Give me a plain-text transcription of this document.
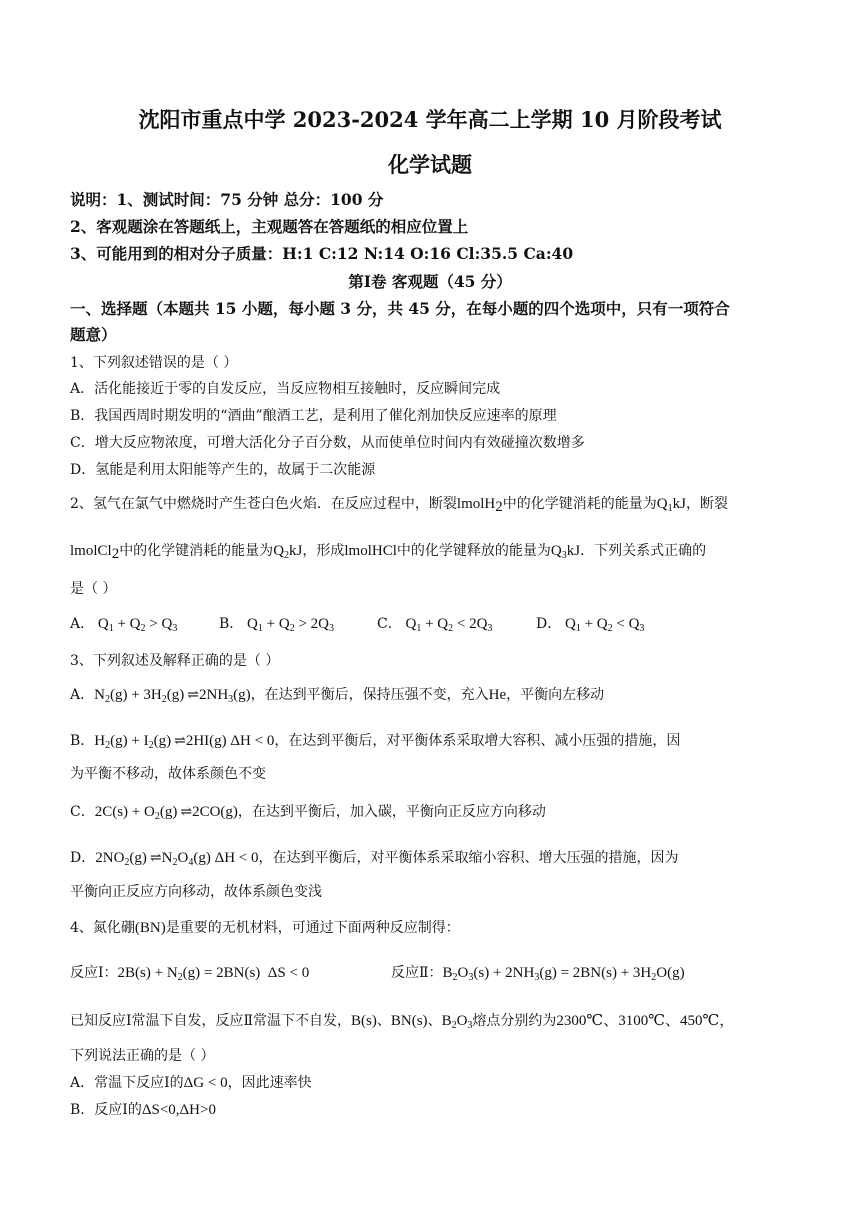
沈阳市重点中学 2023-2024 学年高二上学期 10 月阶段考试
化学试题
说明：1、测试时间：75 分钟 总分：100 分
2、客观题涂在答题纸上，主观题答在答题纸的相应位置上
3、可能用到的相对分子质量：H:1 C:12 N:14 O:16 Cl:35.5 Ca:40
第Ⅰ卷 客观题（45 分）
一、选择题（本题共 15 小题，每小题 3 分，共 45 分，在每小题的四个选项中，只有一项符合
题意）
1、下列叙述错误的是（ ）
A．活化能接近于零的自发反应，当反应物相互接触时，反应瞬间完成
B．我国西周时期发明的“酒曲”酿酒工艺，是利用了催化剂加快反应速率的原理
C．增大反应物浓度，可增大活化分子百分数，从而使单位时间内有效碰撞次数增多
D．氢能是利用太阳能等产生的，故属于二次能源
2、氢气在氯气中燃烧时产生苍白色火焰．在反应过程中，断裂lmolH$_2$中的化学键消耗的能量为$Q_1kJ$，断裂
lmolCl$_2$中的化学键消耗的能量为$Q_2kJ$，形成lmolHCl中的化学键释放的能量为$Q_3kJ$．下列关系式正确的
是（ ）
A． $Q_1 + Q_2 > Q_3$	B． $Q_1 + Q_2 > 2Q_3$	C． $Q_1 + Q_2 < 2Q_3$	D． $Q_1 + Q_2 < Q_3$
3、下列叙述及解释正确的是（ ）
A．$N_2(g) + 3H_2(g)$ ⇌ $2NH_3(g)$，在达到平衡后，保持压强不变，充入He，平衡向左移动
B．$H_2(g) + I_2(g)$ ⇌ 2HI(g) ΔH < 0，在达到平衡后，对平衡体系采取增大容积、减小压强的措施，因
为平衡不移动，故体系颜色不变
C．$2C(s) + O_2(g)$ ⇌ 2CO(g)，在达到平衡后，加入碳，平衡向正反应方向移动
D．$2NO_2(g)$ ⇌ $N_2O_4(g) \Delta H < 0$，在达到平衡后，对平衡体系采取缩小容积、增大压强的措施，因为
平衡向正反应方向移动，故体系颜色变浅
4、氮化硼(BN)是重要的无机材料，可通过下面两种反应制得：
反应Ⅰ：$2B(s) + N_2(g) = 2BN(s) \Delta S < 0$	反应Ⅱ：$B_2O_3(s) + 2NH_3(g) = 2BN(s) + 3H_2O(g)$
已知反应Ⅰ常温下自发，反应Ⅱ常温下不自发，B(s)、BN(s)、$B_2O_3$熔点分别约为2300℃、3100℃、450℃，
下列说法正确的是（ ）
A．常温下反应Ⅰ的ΔG < 0，因此速率快
B．反应Ⅰ的ΔS<0,ΔH>0
